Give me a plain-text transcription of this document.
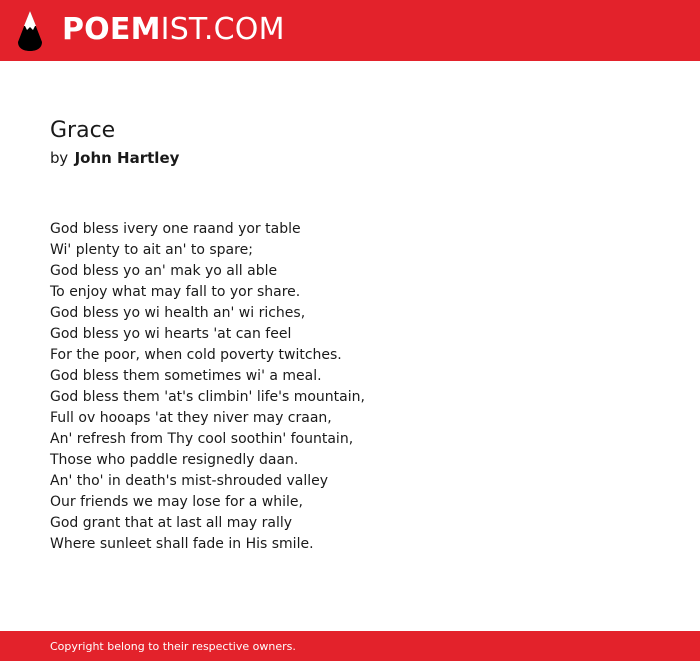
POEMIST.COM
Grace
by John Hartley
God bless ivery one raand yor table
Wi' plenty to ait an' to spare;
God bless yo an' mak yo all able
To enjoy what may fall to yor share.
God bless yo wi health an' wi riches,
God bless yo wi hearts 'at can feel
For the poor, when cold poverty twitches.
God bless them sometimes wi' a meal.
God bless them 'at's climbin' life's mountain,
Full ov hooaps 'at they niver may craan,
An' refresh from Thy cool soothin' fountain,
Those who paddle resignedly daan.
An' tho' in death's mist-shrouded valley
Our friends we may lose for a while,
God grant that at last all may rally
Where sunleet shall fade in His smile.
Copyright belong to their respective owners.
